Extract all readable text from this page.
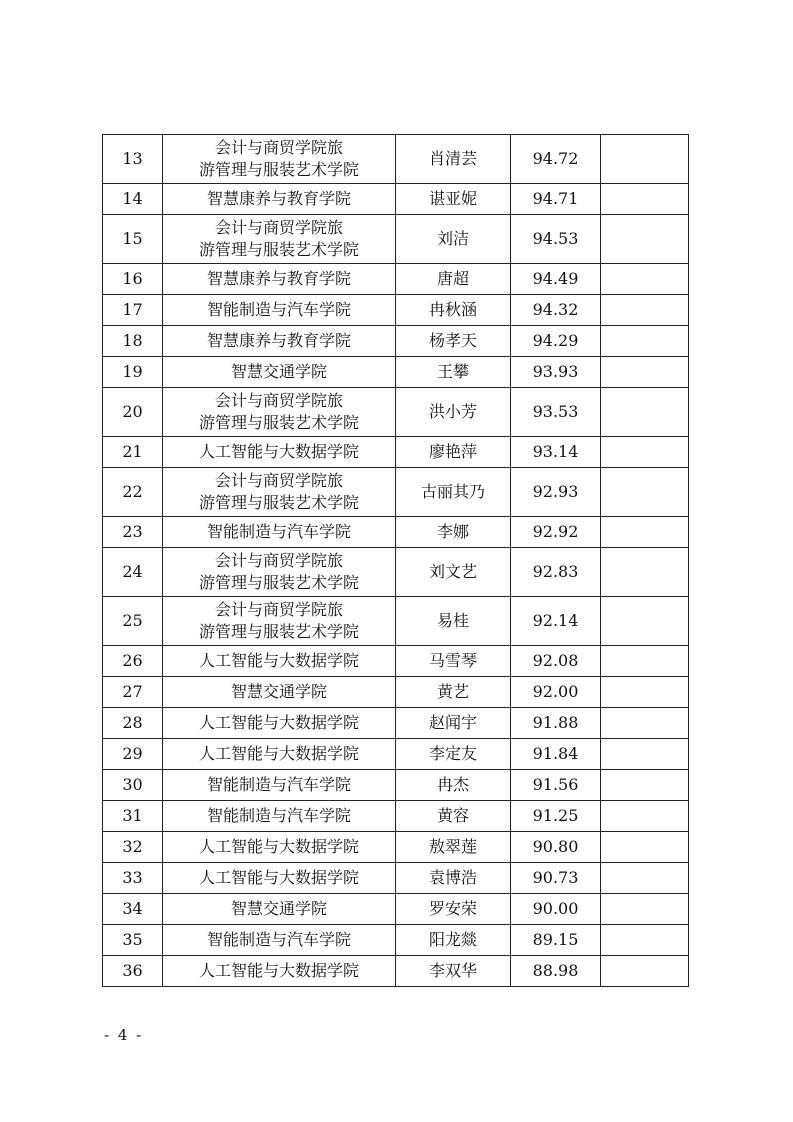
13	会计与商贸学院旅
游管理与服装艺术学院	肖清芸	94.72	
14	智慧康养与教育学院	谌亚妮	94.71	
15	会计与商贸学院旅
游管理与服装艺术学院	刘洁	94.53	
16	智慧康养与教育学院	唐超	94.49	
17	智能制造与汽车学院	冉秋涵	94.32	
18	智慧康养与教育学院	杨孝天	94.29	
19	智慧交通学院	王攀	93.93	
20	会计与商贸学院旅
游管理与服装艺术学院	洪小芳	93.53	
21	人工智能与大数据学院	廖艳萍	93.14	
22	会计与商贸学院旅
游管理与服装艺术学院	古丽其乃	92.93	
23	智能制造与汽车学院	李娜	92.92	
24	会计与商贸学院旅
游管理与服装艺术学院	刘文艺	92.83	
25	会计与商贸学院旅
游管理与服装艺术学院	易桂	92.14	
26	人工智能与大数据学院	马雪琴	92.08	
27	智慧交通学院	黄艺	92.00	
28	人工智能与大数据学院	赵闻宇	91.88	
29	人工智能与大数据学院	李定友	91.84	
30	智能制造与汽车学院	冉杰	91.56	
31	智能制造与汽车学院	黄容	91.25	
32	人工智能与大数据学院	敖翠莲	90.80	
33	人工智能与大数据学院	袁博浩	90.73	
34	智慧交通学院	罗安荣	90.00	
35	智能制造与汽车学院	阳龙燚	89.15	
36	人工智能与大数据学院	李双华	88.98	
- 4 -
